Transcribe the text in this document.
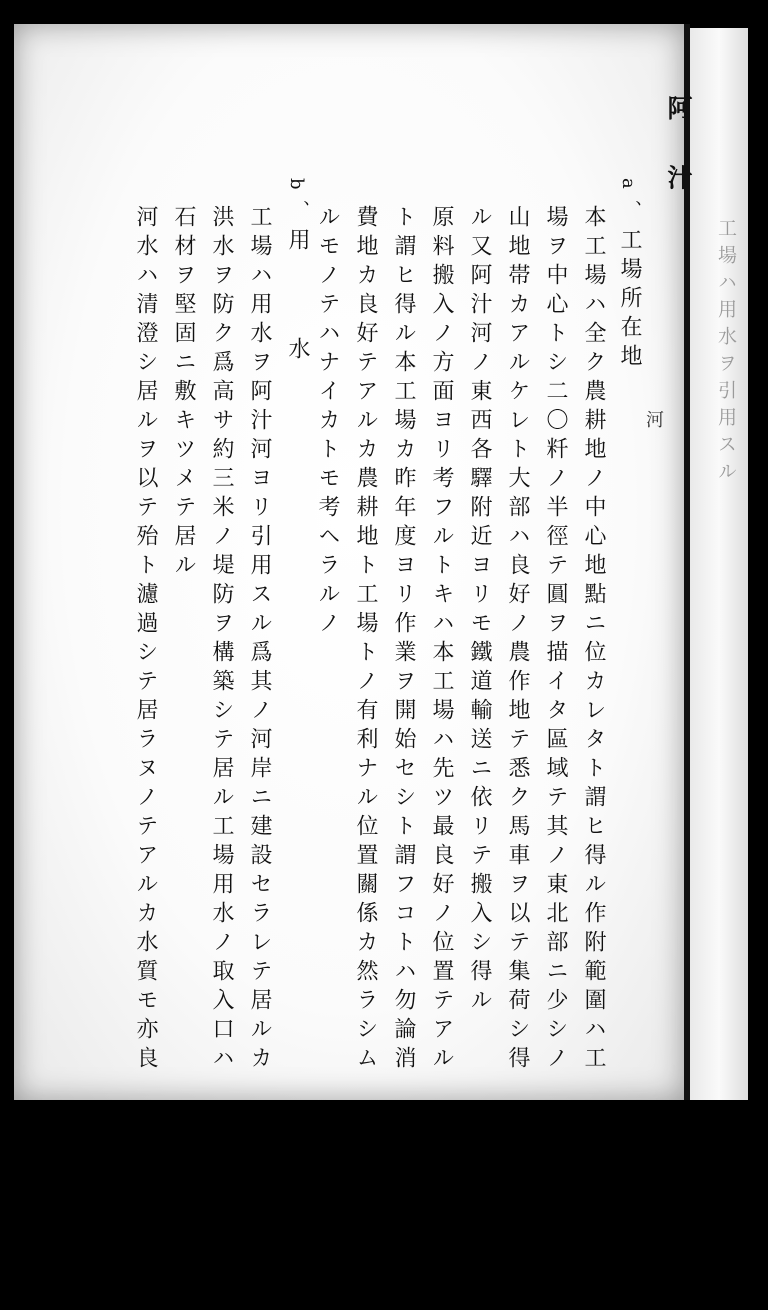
工場ハ用水ヲ引用スル
阿 汁
河
a
、
工場所在地
本工場ハ全ク農耕地ノ中心地點ニ位カレタト謂ヒ得ル作附範圍ハ工
場ヲ中心トシ二〇粁ノ半徑テ圓ヲ描イタ區域テ其ノ東北部ニ少シノ
山地帯カアルケレト大部ハ良好ノ農作地テ悉ク馬車ヲ以テ集荷シ得
ル又阿汁河ノ東西各驛附近ヨリモ鐵道輸送ニ依リテ搬入シ得ル
原料搬入ノ方面ヨリ考フルトキハ本工場ハ先ツ最良好ノ位置テアル
ト謂ヒ得ル本工場カ昨年度ヨリ作業ヲ開始セシト謂フコトハ勿論消
費地カ良好テアルカ農耕地ト工場トノ有利ナル位置關係カ然ラシム
ルモノテハナイカトモ考ヘラルノ
b
、
用 水
工場ハ用水ヲ阿汁河ヨリ引用スル爲其ノ河岸ニ建設セラレテ居ルカ
洪水ヲ防ク爲高サ約三米ノ堤防ヲ構築シテ居ル工場用水ノ取入口ハ
石材ヲ堅固ニ敷キツメテ居ル
河水ハ清澄シ居ルヲ以テ殆ト濾過シテ居ラヌノテアルカ水質モ亦良
